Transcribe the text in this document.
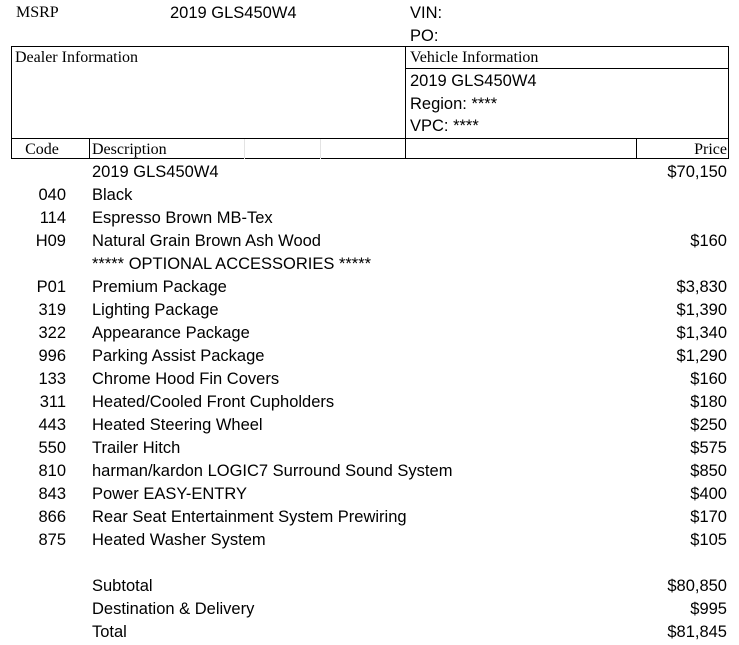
MSRP	2019 GLS450W4	VIN:
PO:
Dealer Information	Vehicle Information
2019 GLS450W4
Region: ****
VPC: ****
Code	Description	Price
2019 GLS450W4	$70,150
040 Black
114 Espresso Brown MB-Tex
H09 Natural Grain Brown Ash Wood	$160
***** OPTIONAL ACCESSORIES *****
P01 Premium Package	$3,830
319 Lighting Package	$1,390
322 Appearance Package	$1,340
996 Parking Assist Package	$1,290
133 Chrome Hood Fin Covers	$160
311 Heated/Cooled Front Cupholders	$180
443 Heated Steering Wheel	$250
550 Trailer Hitch	$575
810 harman/kardon LOGIC7 Surround Sound System	$850
843 Power EASY-ENTRY	$400
866 Rear Seat Entertainment System Prewiring	$170
875 Heated Washer System	$105
Subtotal	$80,850
Destination & Delivery	$995
Total	$81,845
